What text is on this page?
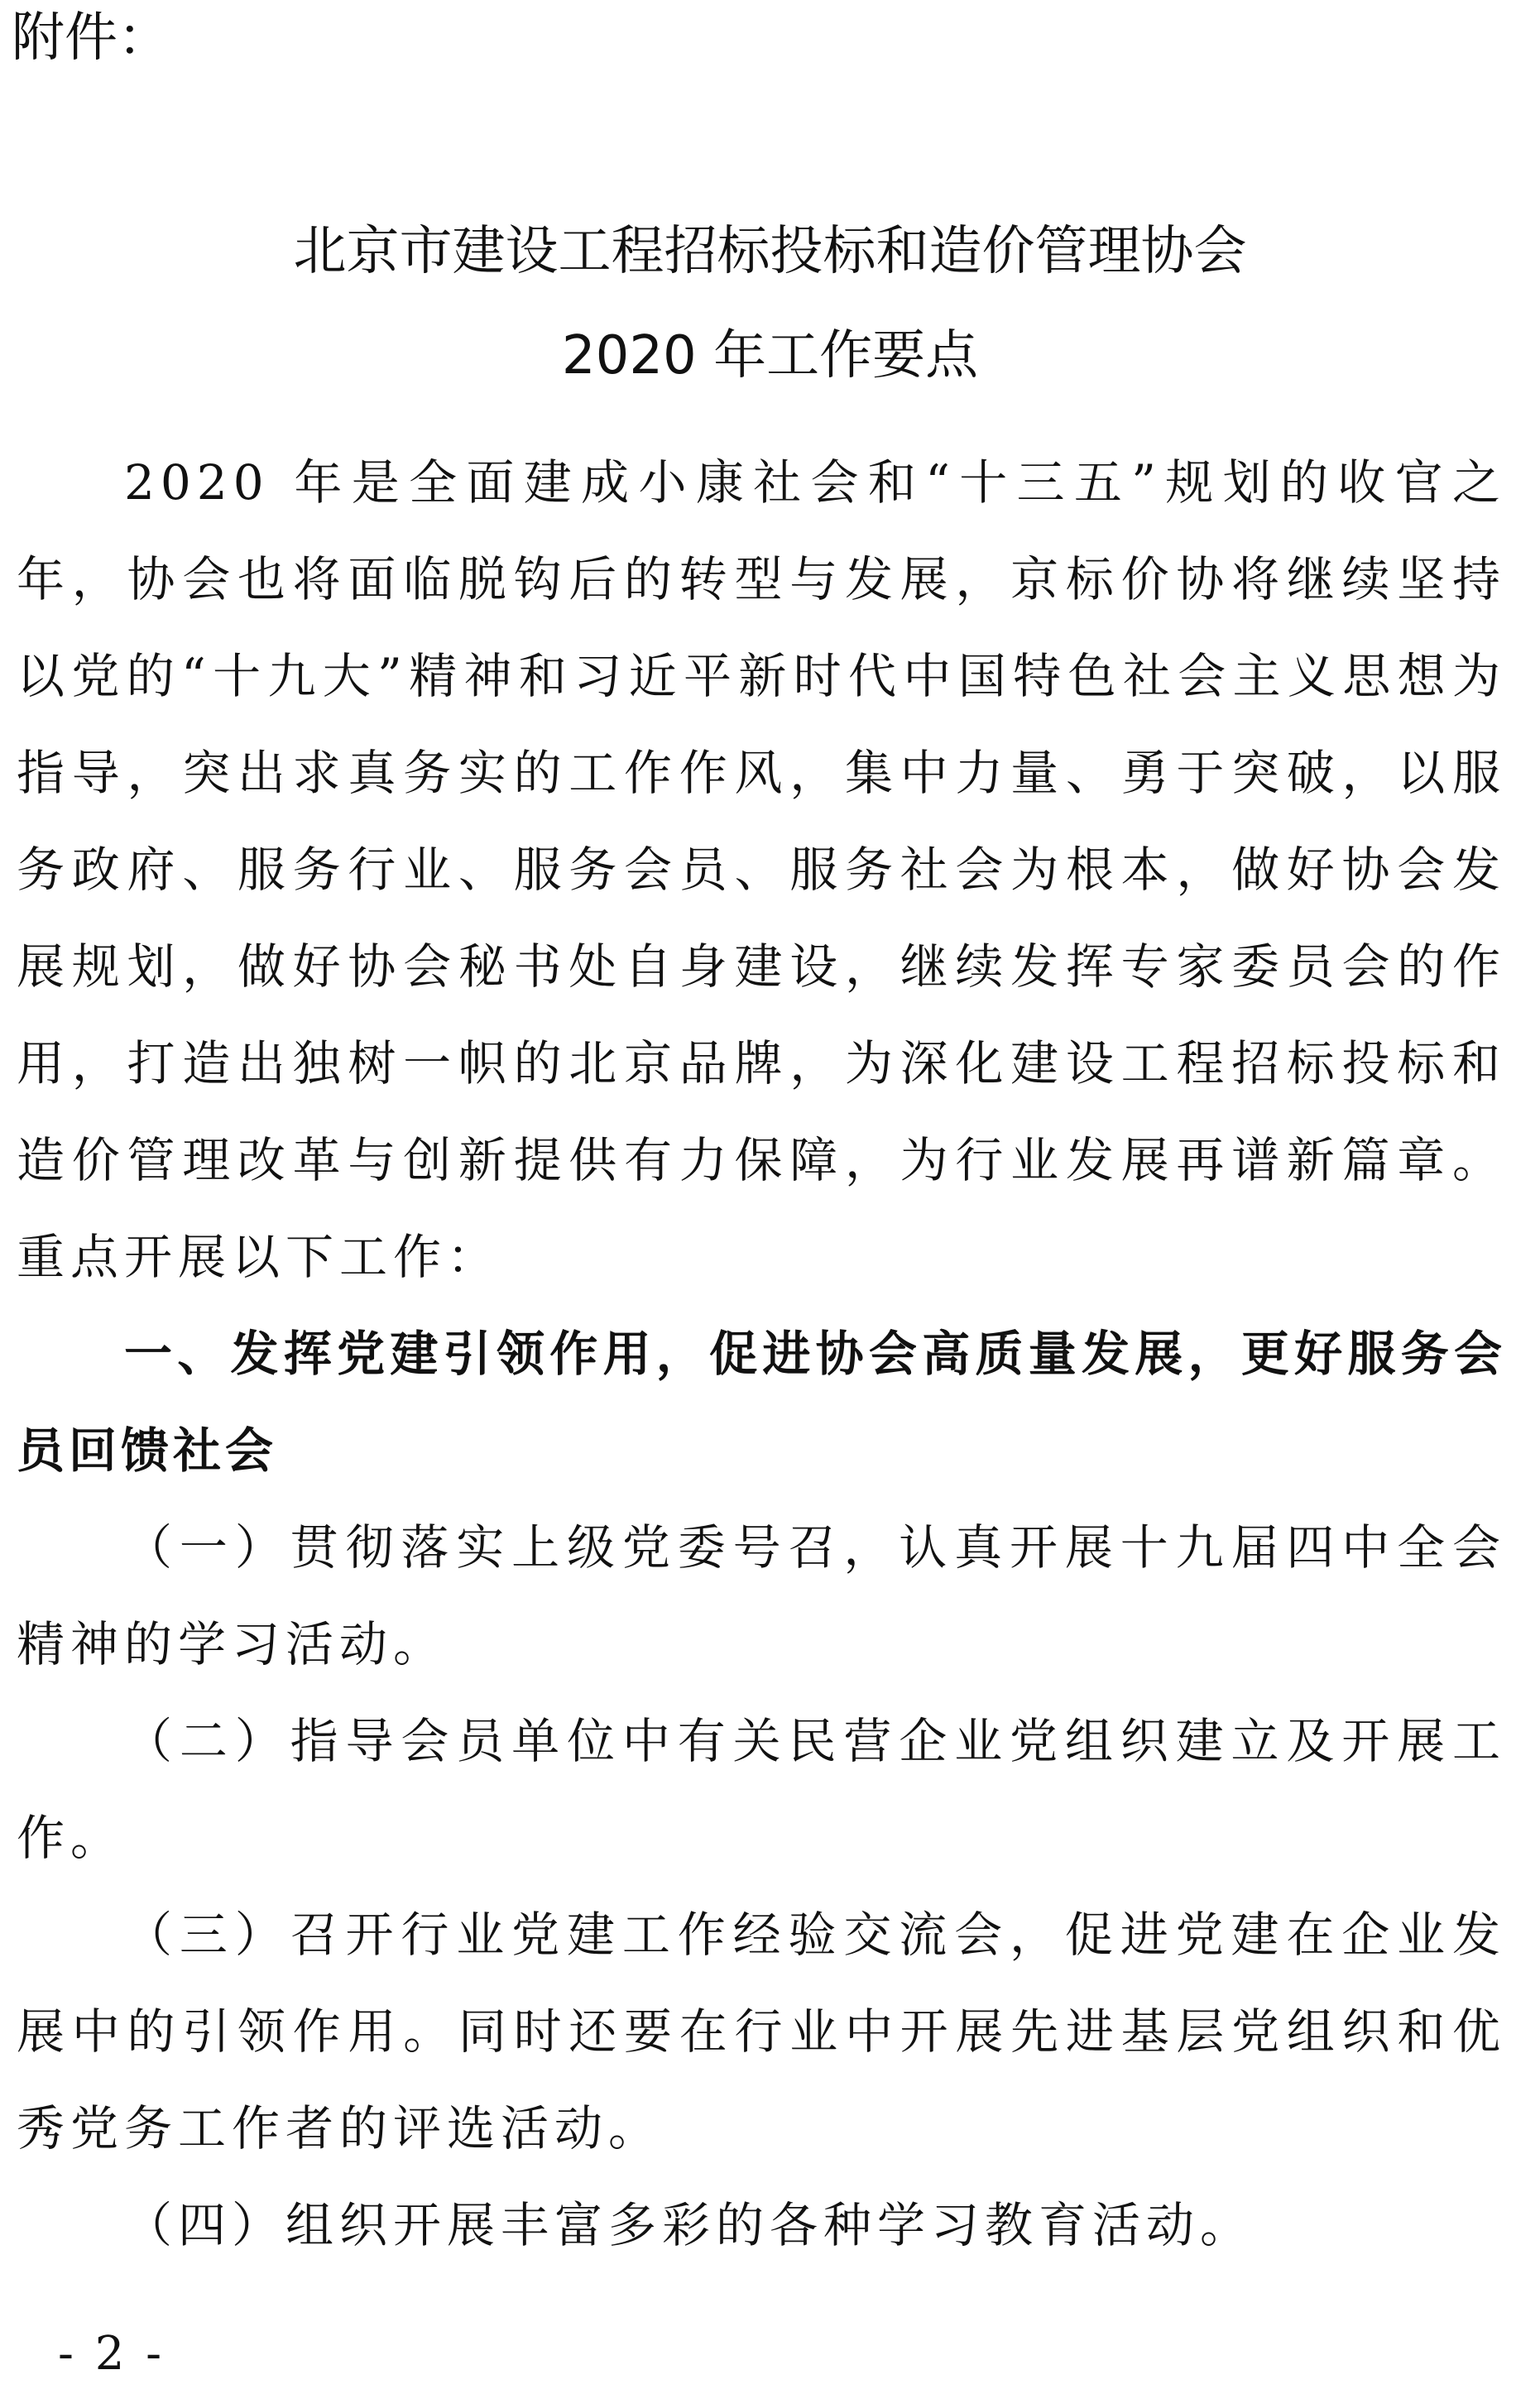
附件：

北京市建设工程招标投标和造价管理协会
2020 年工作要点

2020 年是全面建成小康社会和“十三五”规划的收官之年，协会也将面临脱钩后的转型与发展，京标价协将继续坚持以党的“十九大”精神和习近平新时代中国特色社会主义思想为指导，突出求真务实的工作作风，集中力量、勇于突破，以服务政府、服务行业、服务会员、服务社会为根本，做好协会发展规划，做好协会秘书处自身建设，继续发挥专家委员会的作用，打造出独树一帜的北京品牌，为深化建设工程招标投标和造价管理改革与创新提供有力保障，为行业发展再谱新篇章。重点开展以下工作：

一、发挥党建引领作用，促进协会高质量发展，更好服务会员回馈社会

（一）贯彻落实上级党委号召，认真开展十九届四中全会精神的学习活动。

（二）指导会员单位中有关民营企业党组织建立及开展工作。

（三）召开行业党建工作经验交流会，促进党建在企业发展中的引领作用。同时还要在行业中开展先进基层党组织和优秀党务工作者的评选活动。

（四）组织开展丰富多彩的各种学习教育活动。

- 2 -
